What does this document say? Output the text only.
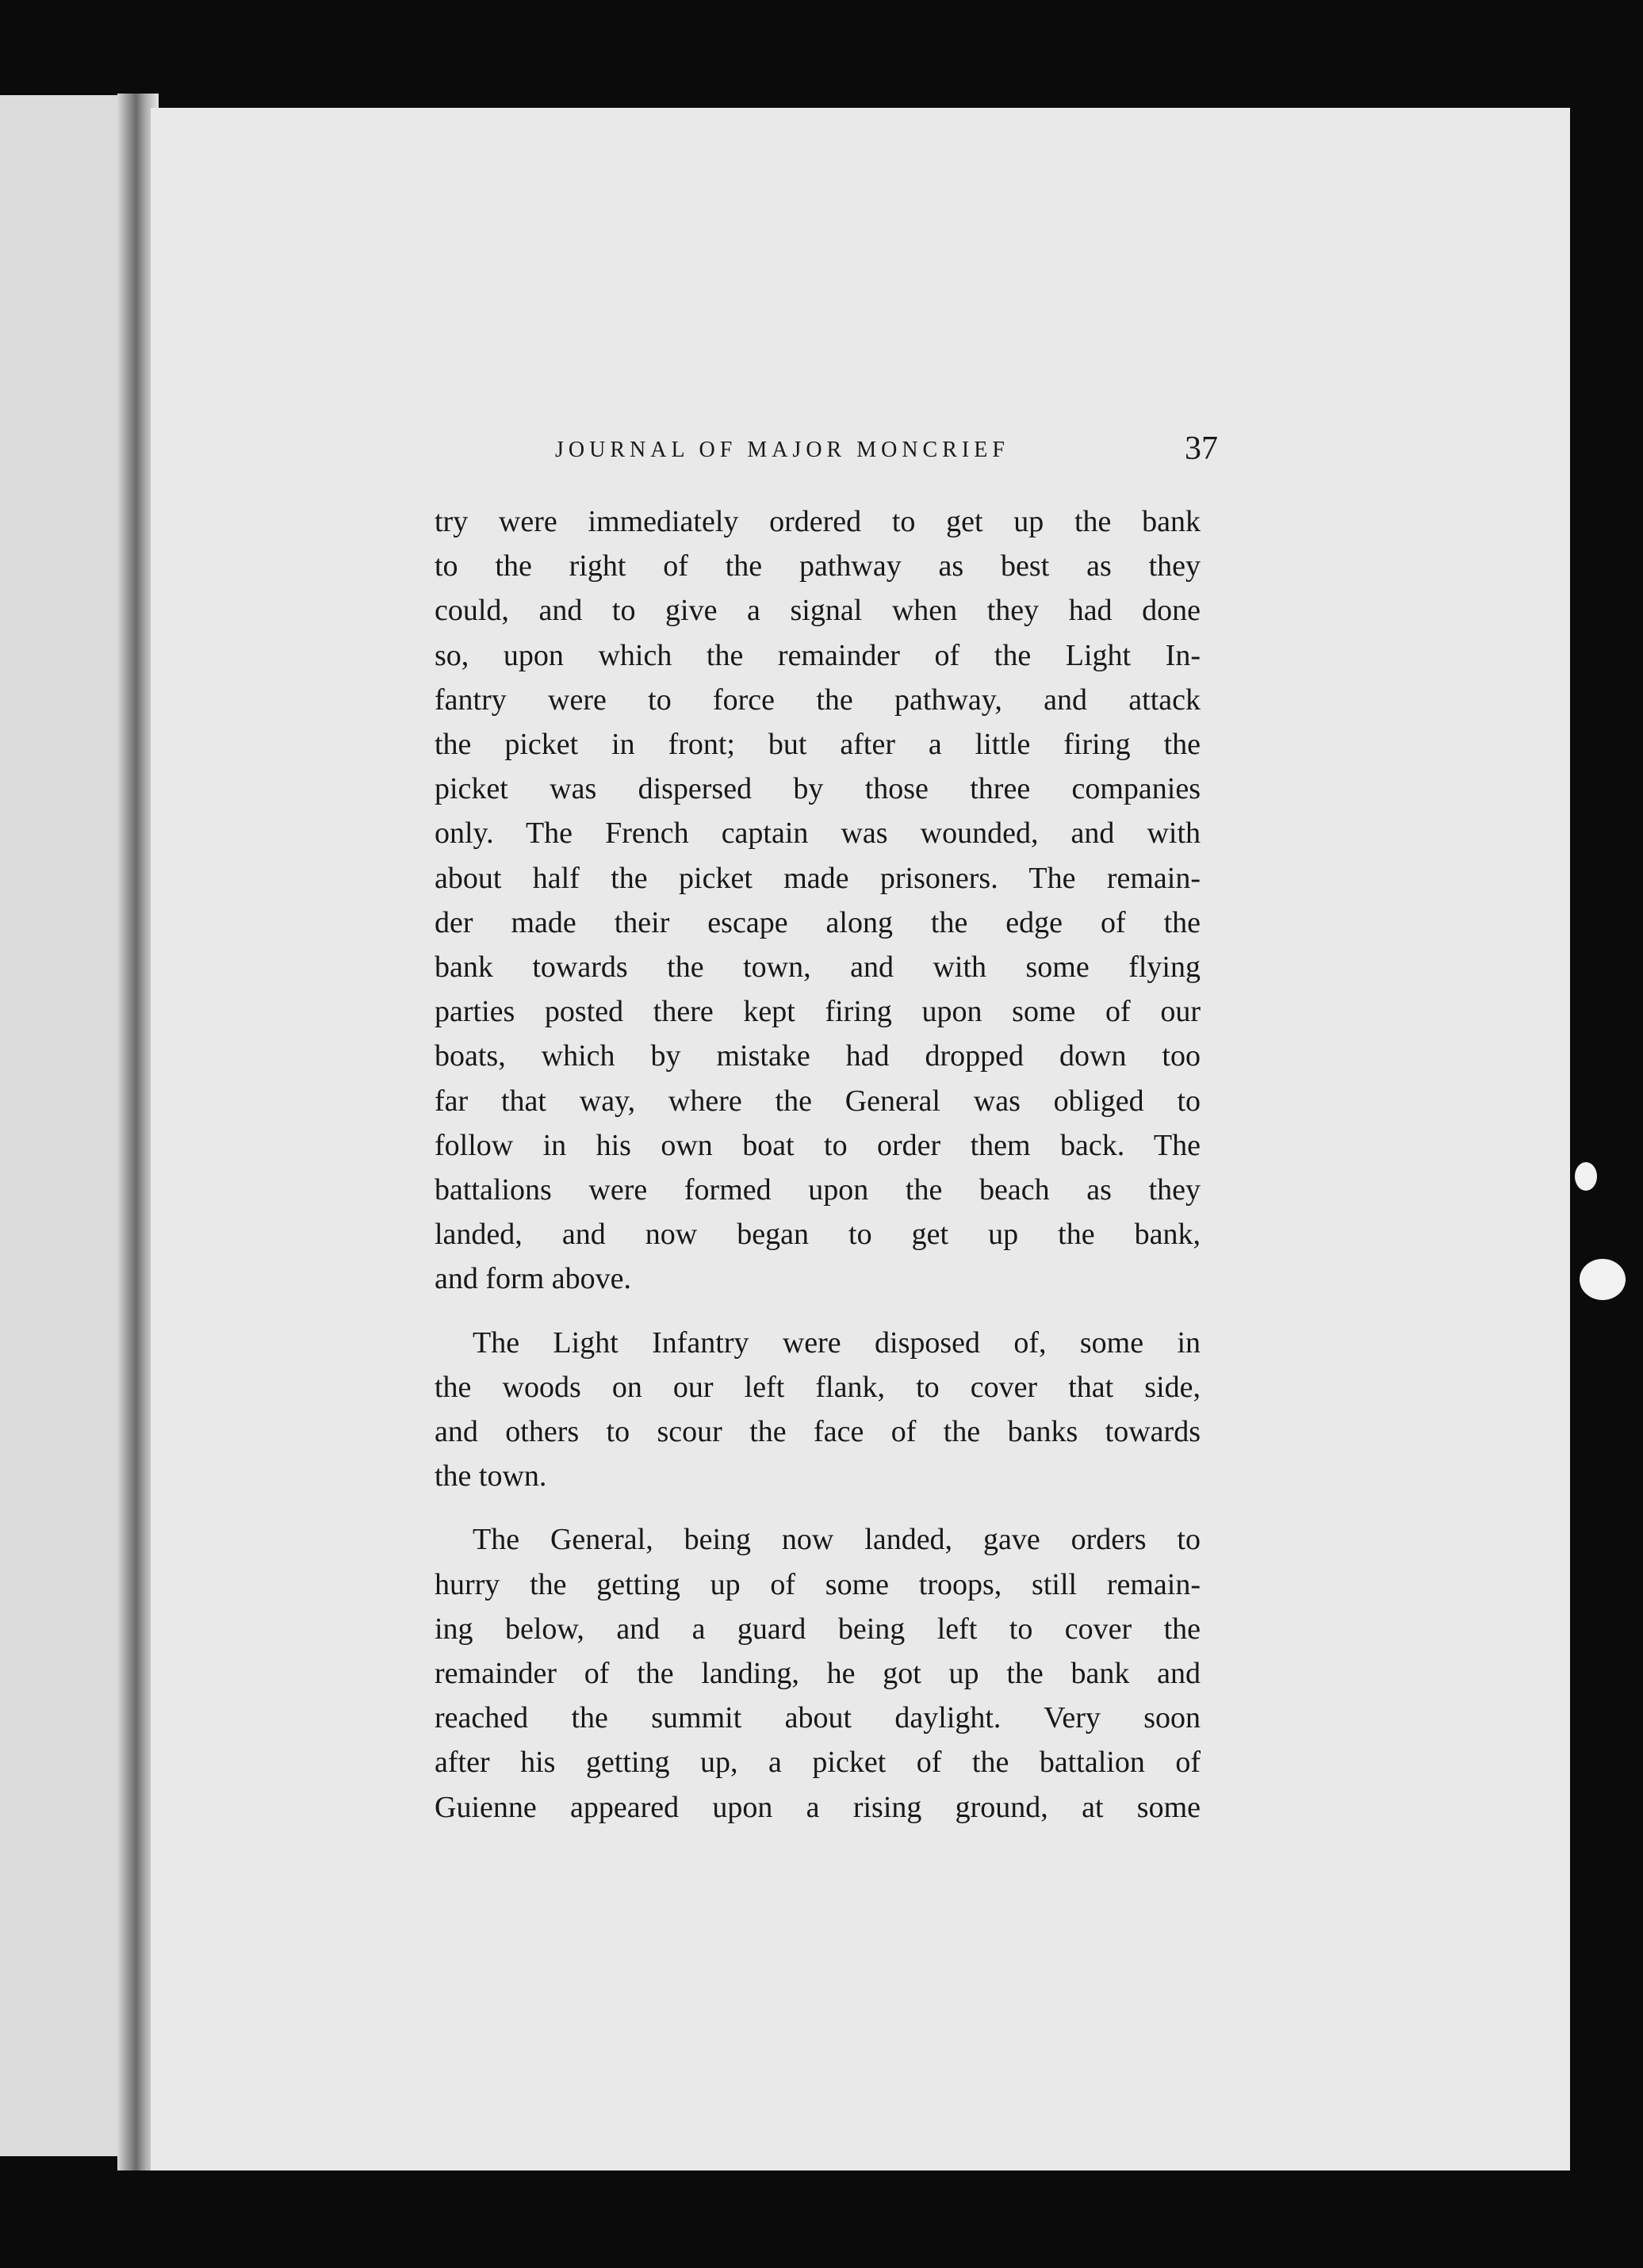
JOURNAL OF MAJOR MONCRIEF	37

try were immediately ordered to get up the bank
to the right of the pathway as best as they
could, and to give a signal when they had done
so, upon which the remainder of the Light In-
fantry were to force the pathway, and attack
the picket in front; but after a little firing the
picket was dispersed by those three companies
only. The French captain was wounded, and with
about half the picket made prisoners. The remain-
der made their escape along the edge of the
bank towards the town, and with some flying
parties posted there kept firing upon some of our
boats, which by mistake had dropped down too
far that way, where the General was obliged to
follow in his own boat to order them back. The
battalions were formed upon the beach as they
landed, and now began to get up the bank,
and form above.

The Light Infantry were disposed of, some in
the woods on our left flank, to cover that side,
and others to scour the face of the banks towards
the town.

The General, being now landed, gave orders to
hurry the getting up of some troops, still remain-
ing below, and a guard being left to cover the
remainder of the landing, he got up the bank and
reached the summit about daylight. Very soon
after his getting up, a picket of the battalion of
Guienne appeared upon a rising ground, at some
